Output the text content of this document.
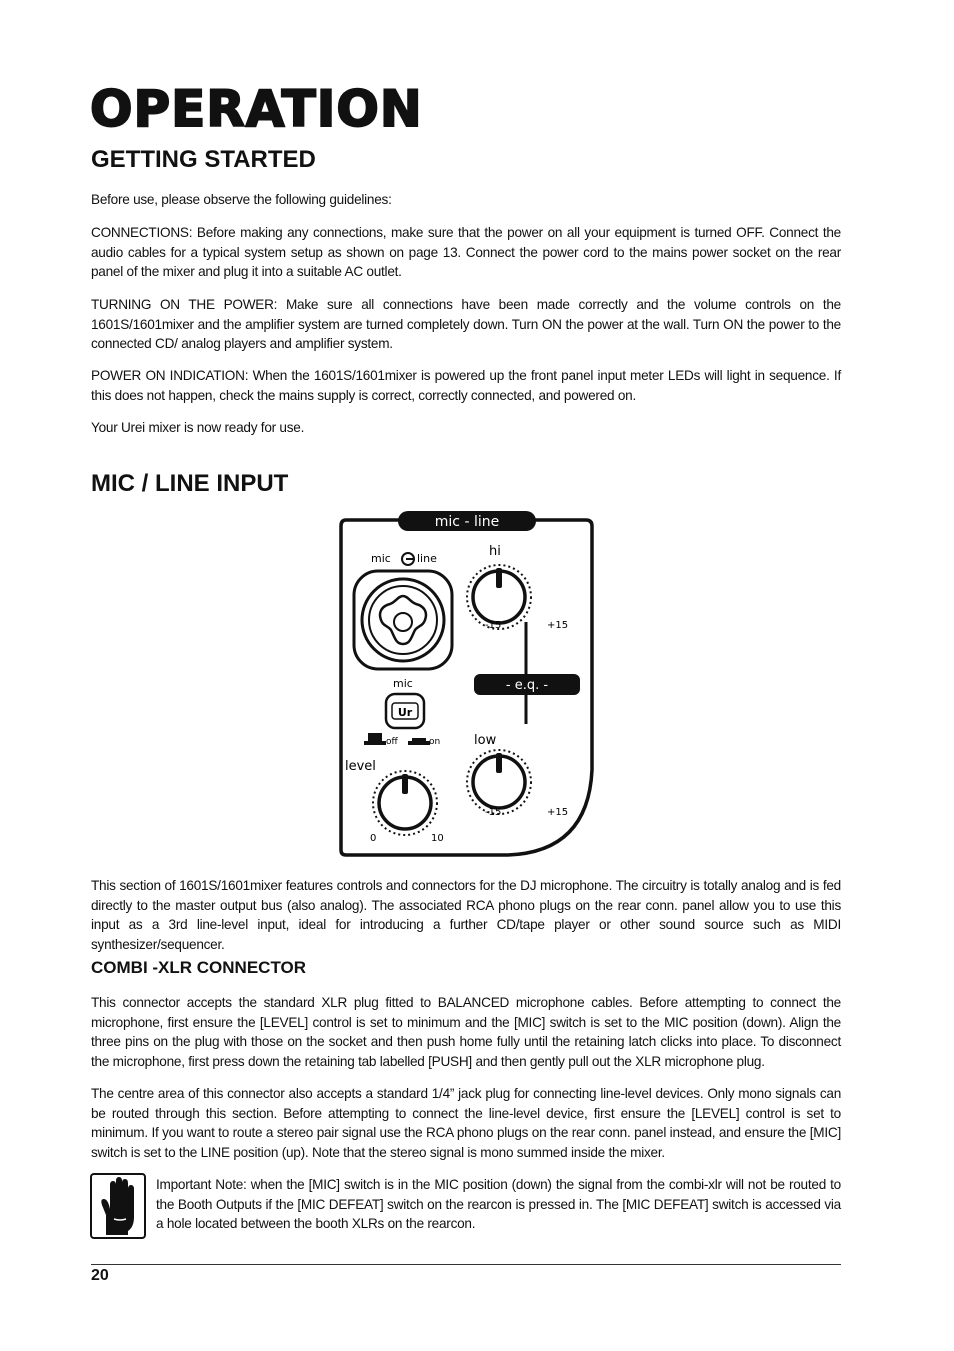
OPERATION
GETTING STARTED

Before use, please observe the following guidelines:

CONNECTIONS: Before making any connections, make sure that the power on all your equipment is turned OFF. Connect the audio cables for a typical system setup as shown on page 13. Connect the power cord to the mains power socket on the rear panel of the mixer and plug it into a suitable AC outlet.

TURNING ON THE POWER: Make sure all connections have been made correctly and the volume controls on the 1601S/1601mixer and the amplifier system are turned completely down. Turn ON the power at the wall. Turn ON the power to the connected CD/ analog players and amplifier system.

POWER ON INDICATION: When the 1601S/1601mixer is powered up the front panel input meter LEDs will light in sequence. If this does not happen, check the mains supply is correct, correctly connected, and powered on.

Your Urei mixer is now ready for use.

MIC / LINE INPUT
mic - line
hi
-15	+15
- e.q. -
mic line
mic
Ur
off	on	low
-15	+15
level
0	10

This section of 1601S/1601mixer features controls and connectors for the DJ microphone. The circuitry is totally analog and is fed directly to the master output bus (also analog). The associated RCA phono plugs on the rear conn. panel allow you to use this input as a 3rd line-level input, ideal for introducing a further CD/tape player or other sound source such as MIDI synthesizer/sequencer.

COMBI -XLR CONNECTOR

This connector accepts the standard XLR plug fitted to BALANCED microphone cables. Before attempting to connect the microphone, first ensure the [LEVEL] control is set to minimum and the [MIC] switch is set to the MIC position (down). Align the three pins on the plug with those on the socket and then push home fully until the retaining latch clicks into place. To disconnect the microphone, first press down the retaining tab labelled [PUSH] and then gently pull out the XLR microphone plug.

The centre area of this connector also accepts a standard 1/4” jack plug for connecting line-level devices. Only mono signals can be routed through this section. Before attempting to connect the line-level device, first ensure the [LEVEL] control is set to minimum. If you want to route a stereo pair signal use the RCA phono plugs on the rear conn. panel instead, and ensure the [MIC] switch is set to the LINE position (up). Note that the stereo signal is mono summed inside the mixer.

Important Note: when the [MIC] switch is in the MIC position (down) the signal from the combi-xlr will not be routed to the Booth Outputs if the [MIC DEFEAT] switch on the rearcon is pressed in. The [MIC DEFEAT] switch is accessed via a hole located between the booth XLRs on the rearcon.

20
